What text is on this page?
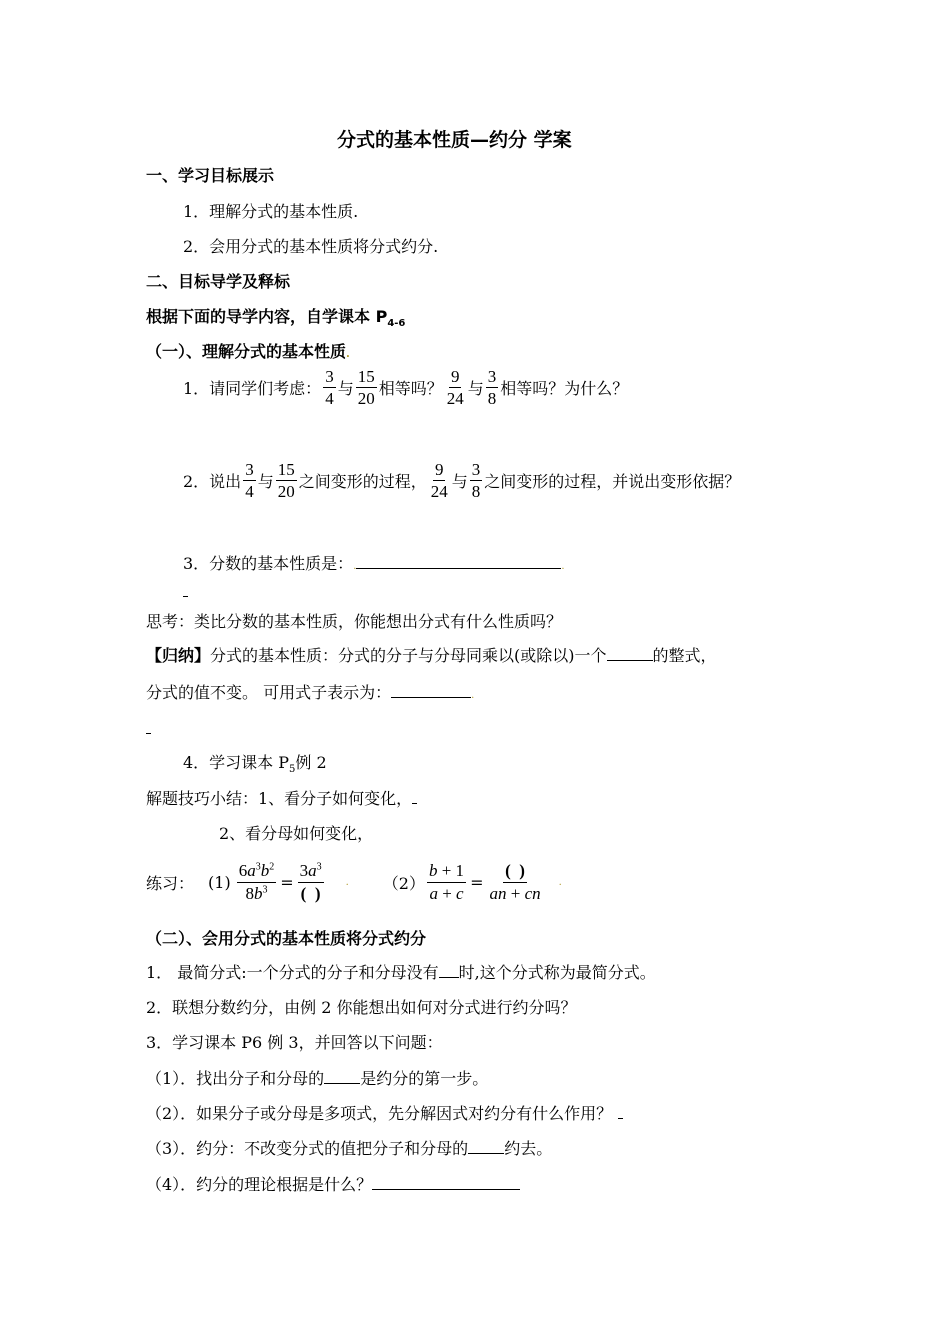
分式的基本性质—约分 学案
一、学习目标展示
1．理解分式的基本性质.
2．会用分式的基本性质将分式约分.
二、目标导学及释标
根据下面的导学内容，自学课本 $P_{4-6}$
（一）、理解分式的基本性质.
1．请同学们考虑： $\frac{3}{4}$ 与 $\frac{15}{20}$ 相等吗？ $\frac{9}{24}$ 与 $\frac{3}{8}$ 相等吗？为什么？
2．说出 $\frac{3}{4}$ 与 $\frac{15}{20}$ 之间变形的过程， $\frac{9}{24}$ 与 $\frac{3}{8}$ 之间变形的过程，并说出变形依据？
3．分数的基本性质是：.	.
思考：类比分数的基本性质，你能想出分式有什么性质吗？
【归纳】分式的基本性质：分式的分子与分母同乘以(或除以)一个	的整式，
分式的值不变。 可用式子表示为：	.
4．学习课本 $P_5$例 2
解题技巧小结：1、看分子如何变化，
2、看分母如何变化，
练习： $(1) \frac{6a^3b^2}{8b^3} = \frac{3a^3}{( )}$ . $(2) \frac{b + 1}{a + c} = \frac{( )}{an + cn}$ .
（二）、会用分式的基本性质将分式约分
1． 最简分式:一个分式的分子和分母没有 时,这个分式称为最简分式。
2．联想分数约分，由例 2 你能想出如何对分式进行约分吗？
3．学习课本 P6 例 3，并回答以下问题：
（1）．找出分子和分母的 是约分的第一步。
（2）．如果分子或分母是多项式，先分解因式对约分有什么作用？
（3）．约分：不改变分式的值把分子和分母的 约去。
（4）．约分的理论根据是什么？
